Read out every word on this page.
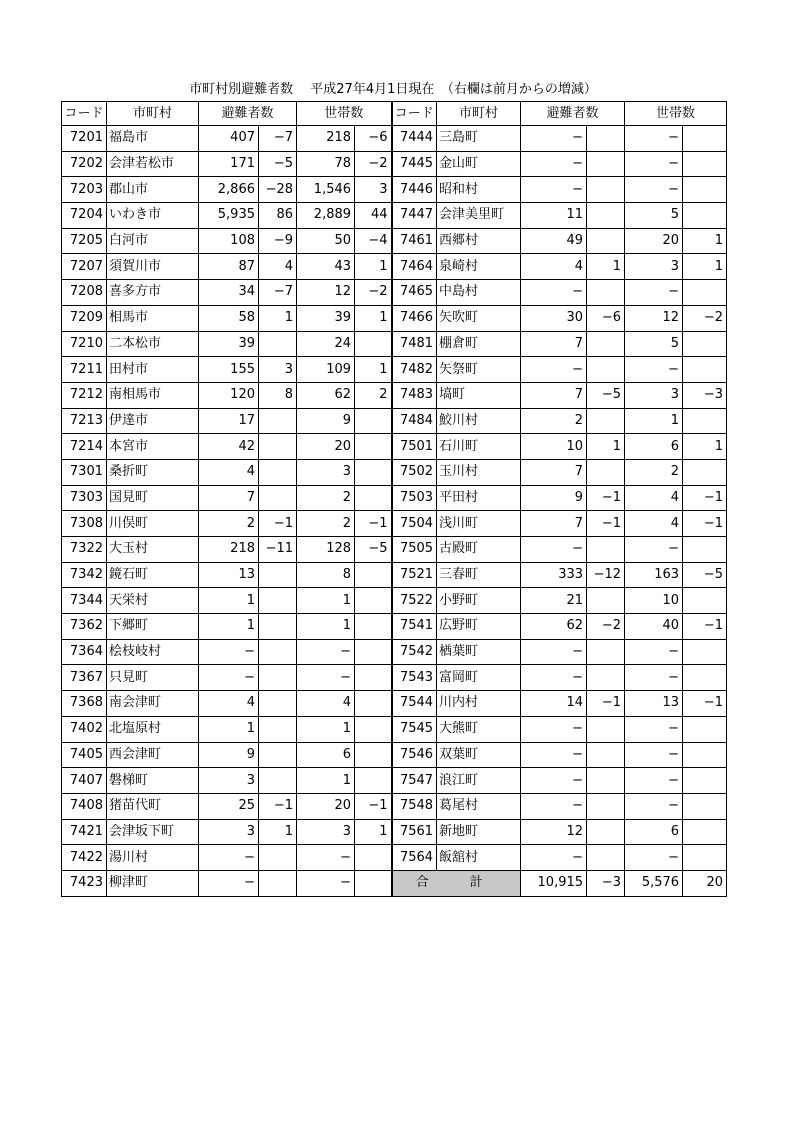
市町村別避難者数　 平成27年4月1日現在　（右欄は前月からの増減）
コード	市町村	避難者数		世帯数		コード	市町村	避難者数		世帯数	
7201	福島市	407	−7	218	−6	7444	三島町	−		−	
7202	会津若松市	171	−5	78	−2	7445	金山町	−		−	
7203	郡山市	2,866	−28	1,546	3	7446	昭和村	−		−	
7204	いわき市	5,935	86	2,889	44	7447	会津美里町	11		5	
7205	白河市	108	−9	50	−4	7461	西郷村	49		20	1
7207	須賀川市	87	4	43	1	7464	泉崎村	4	1	3	1
7208	喜多方市	34	−7	12	−2	7465	中島村	−		−	
7209	相馬市	58	1	39	1	7466	矢吹町	30	−6	12	−2
7210	二本松市	39		24		7481	棚倉町	7		5	
7211	田村市	155	3	109	1	7482	矢祭町	−		−	
7212	南相馬市	120	8	62	2	7483	塙町	7	−5	3	−3
7213	伊達市	17		9		7484	鮫川村	2		1	
7214	本宮市	42		20		7501	石川町	10	1	6	1
7301	桑折町	4		3		7502	玉川村	7		2	
7303	国見町	7		2		7503	平田村	9	−1	4	−1
7308	川俣町	2	−1	2	−1	7504	浅川町	7	−1	4	−1
7322	大玉村	218	−11	128	−5	7505	古殿町	−		−	
7342	鏡石町	13		8		7521	三春町	333	−12	163	−5
7344	天栄村	1		1		7522	小野町	21		10	
7362	下郷町	1		1		7541	広野町	62	−2	40	−1
7364	桧枝岐村	−		−		7542	楢葉町	−		−	
7367	只見町	−		−		7543	富岡町	−		−	
7368	南会津町	4		4		7544	川内村	14	−1	13	−1
7402	北塩原村	1		1		7545	大熊町	−		−	
7405	西会津町	9		6		7546	双葉町	−		−	
7407	磐梯町	3		1		7547	浪江町	−		−	
7408	猪苗代町	25	−1	20	−1	7548	葛尾村	−		−	
7421	会津坂下町	3	1	3	1	7561	新地町	12		6	
7422	湯川村	−		−		7564	飯舘村	−		−	
7423	柳津町	−		−		合　計		10,915	−3	5,576	20
